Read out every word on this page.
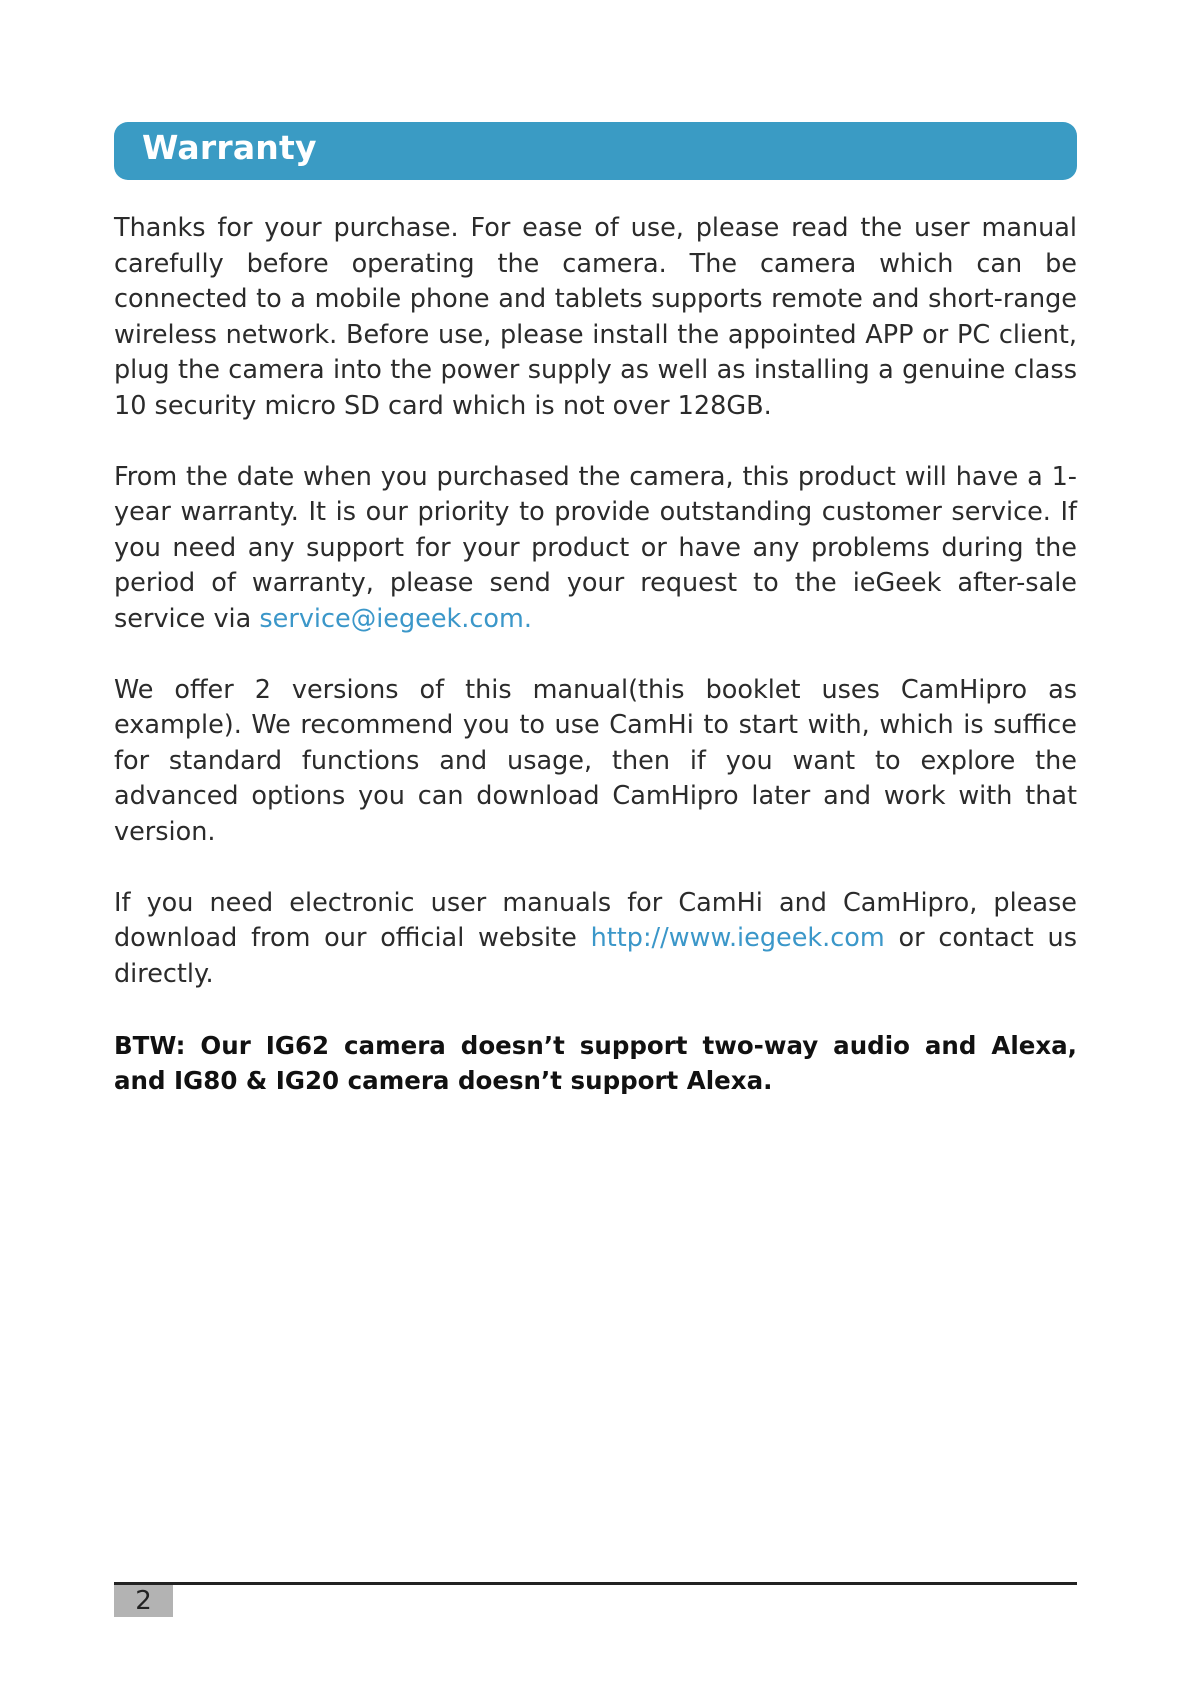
Warranty

Thanks for your purchase. For ease of use, please read the user manual carefully before operating the camera. The camera which can be connected to a mobile phone and tablets supports remote and short-range wireless network. Before use, please install the appointed APP or PC client, plug the camera into the power supply as well as installing a genuine class 10 security micro SD card which is not over 128GB.

From the date when you purchased the camera, this product will have a 1-year warranty. It is our priority to provide outstanding customer service. If you need any support for your product or have any problems during the period of warranty, please send your request to the ieGeek after-sale service via service@iegeek.com.

We offer 2 versions of this manual(this booklet uses CamHipro as example). We recommend you to use CamHi to start with, which is suffice for standard functions and usage, then if you want to explore the advanced options you can download CamHipro later and work with that version.

If you need electronic user manuals for CamHi and CamHipro, please download from our official website http://www.iegeek.com or contact us directly.

BTW: Our IG62 camera doesn’t support two-way audio and Alexa, and IG80 & IG20 camera doesn’t support Alexa.

2
